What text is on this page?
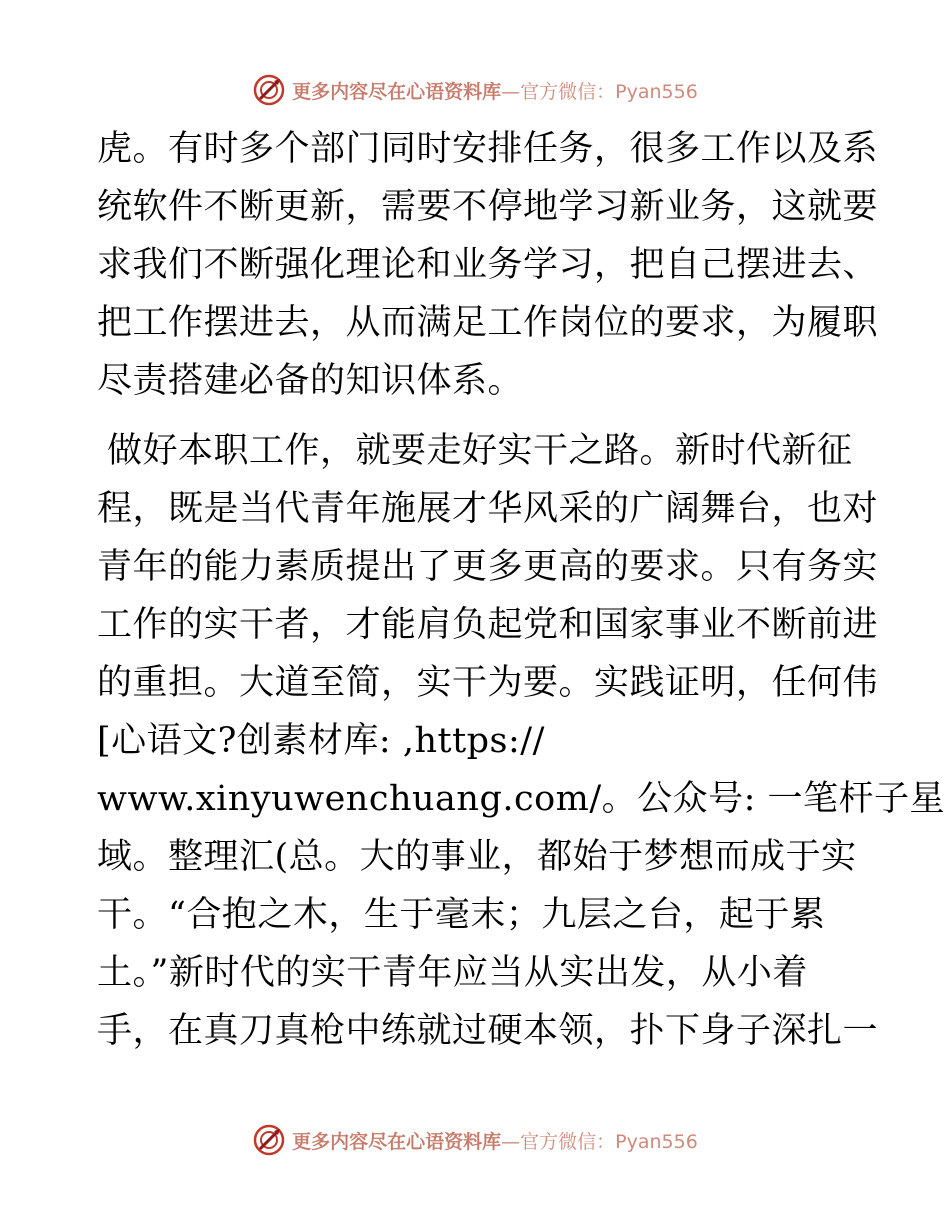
更多内容尽在心语资料库—官方微信：Pyan556
虎。有时多个部门同时安排任务，很多工作以及系
统软件不断更新，需要不停地学习新业务，这就要
求我们不断强化理论和业务学习，把自己摆进去、
把工作摆进去，从而满足工作岗位的要求，为履职
尽责搭建必备的知识体系。
做好本职工作，就要走好实干之路。新时代新征
程，既是当代青年施展才华风采的广阔舞台，也对
青年的能力素质提出了更多更高的要求。只有务实
工作的实干者，才能肩负起党和国家事业不断前进
的重担。大道至简，实干为要。实践证明，任何伟
[心语文?创素材库: ,https://
www.xinyuwenchuang.com/。公众号: 一笔杆子星
域。整理汇(总。大的事业，都始于梦想而成于实
干。“合抱之木，生于毫末；九层之台，起于累
土。”新时代的实干青年应当从实出发，从小着
手，在真刀真枪中练就过硬本领，扑下身子深扎一
更多内容尽在心语资料库—官方微信：Pyan556
